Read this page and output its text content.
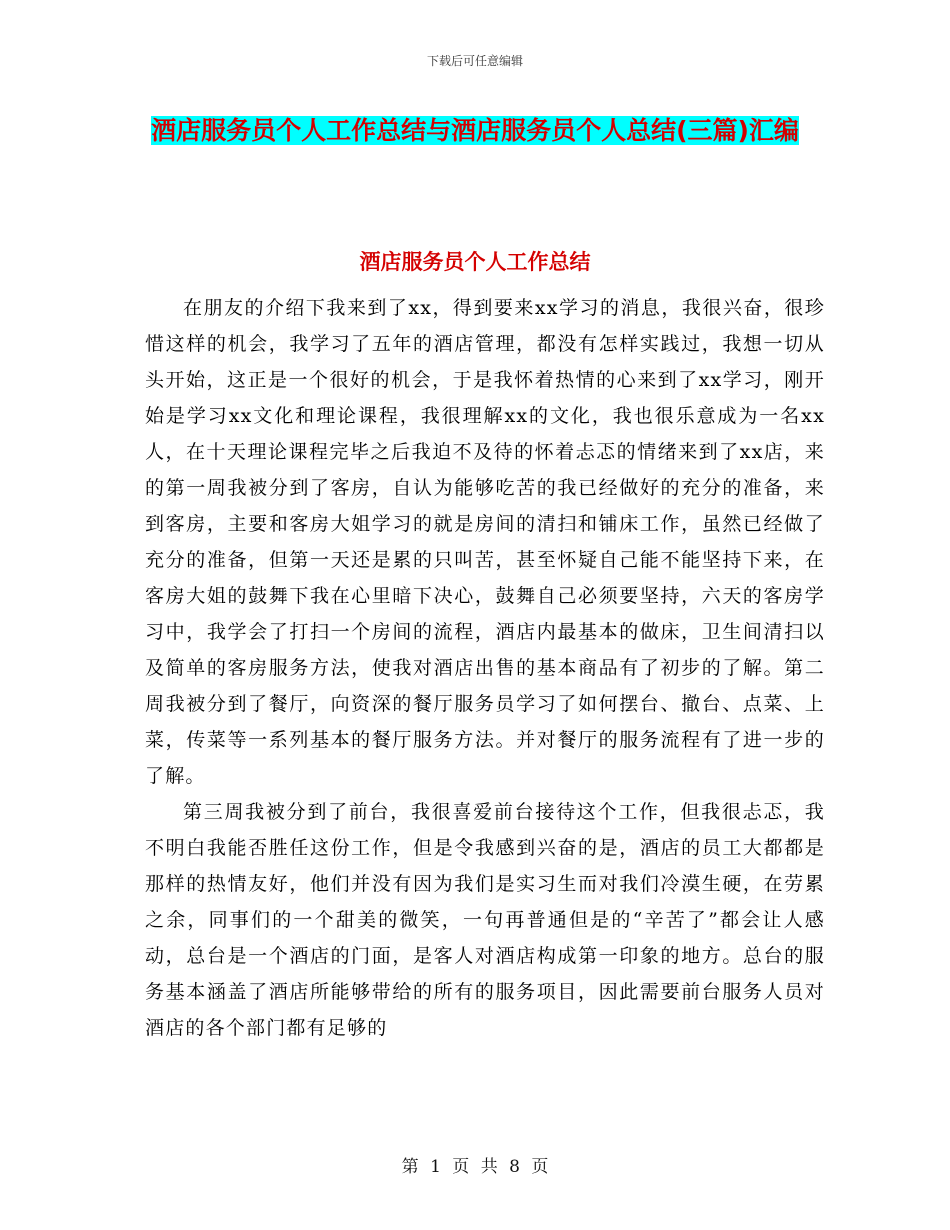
下载后可任意编辑
酒店服务员个人工作总结与酒店服务员个人总结(三篇)汇编
酒店服务员个人工作总结

在朋友的介绍下我来到了xx，得到要来xx学习的消息，我很兴奋，很珍惜这样的机会，我学习了五年的酒店管理，都没有怎样实践过，我想一切从头开始，这正是一个很好的机会，于是我怀着热情的心来到了xx学习，刚开始是学习xx文化和理论课程，我很理解xx的文化，我也很乐意成为一名xx人，在十天理论课程完毕之后我迫不及待的怀着忐忑的情绪来到了xx店，来的第一周我被分到了客房，自认为能够吃苦的我已经做好的充分的准备，来到客房，主要和客房大姐学习的就是房间的清扫和铺床工作，虽然已经做了充分的准备，但第一天还是累的只叫苦，甚至怀疑自己能不能坚持下来，在客房大姐的鼓舞下我在心里暗下决心，鼓舞自己必须要坚持，六天的客房学习中，我学会了打扫一个房间的流程，酒店内最基本的做床，卫生间清扫以及简单的客房服务方法，使我对酒店出售的基本商品有了初步的了解。第二周我被分到了餐厅，向资深的餐厅服务员学习了如何摆台、撤台、点菜、上菜，传菜等一系列基本的餐厅服务方法。并对餐厅的服务流程有了进一步的了解。

第三周我被分到了前台，我很喜爱前台接待这个工作，但我很忐忑，我不明白我能否胜任这份工作，但是令我感到兴奋的是，酒店的员工大都都是那样的热情友好，他们并没有因为我们是实习生而对我们冷漠生硬，在劳累之余，同事们的一个甜美的微笑，一句再普通但是的“辛苦了”都会让人感动，总台是一个酒店的门面，是客人对酒店构成第一印象的地方。总台的服务基本涵盖了酒店所能够带给的所有的服务项目，因此需要前台服务人员对酒店的各个部门都有足够的

第 1 页 共 8 页
